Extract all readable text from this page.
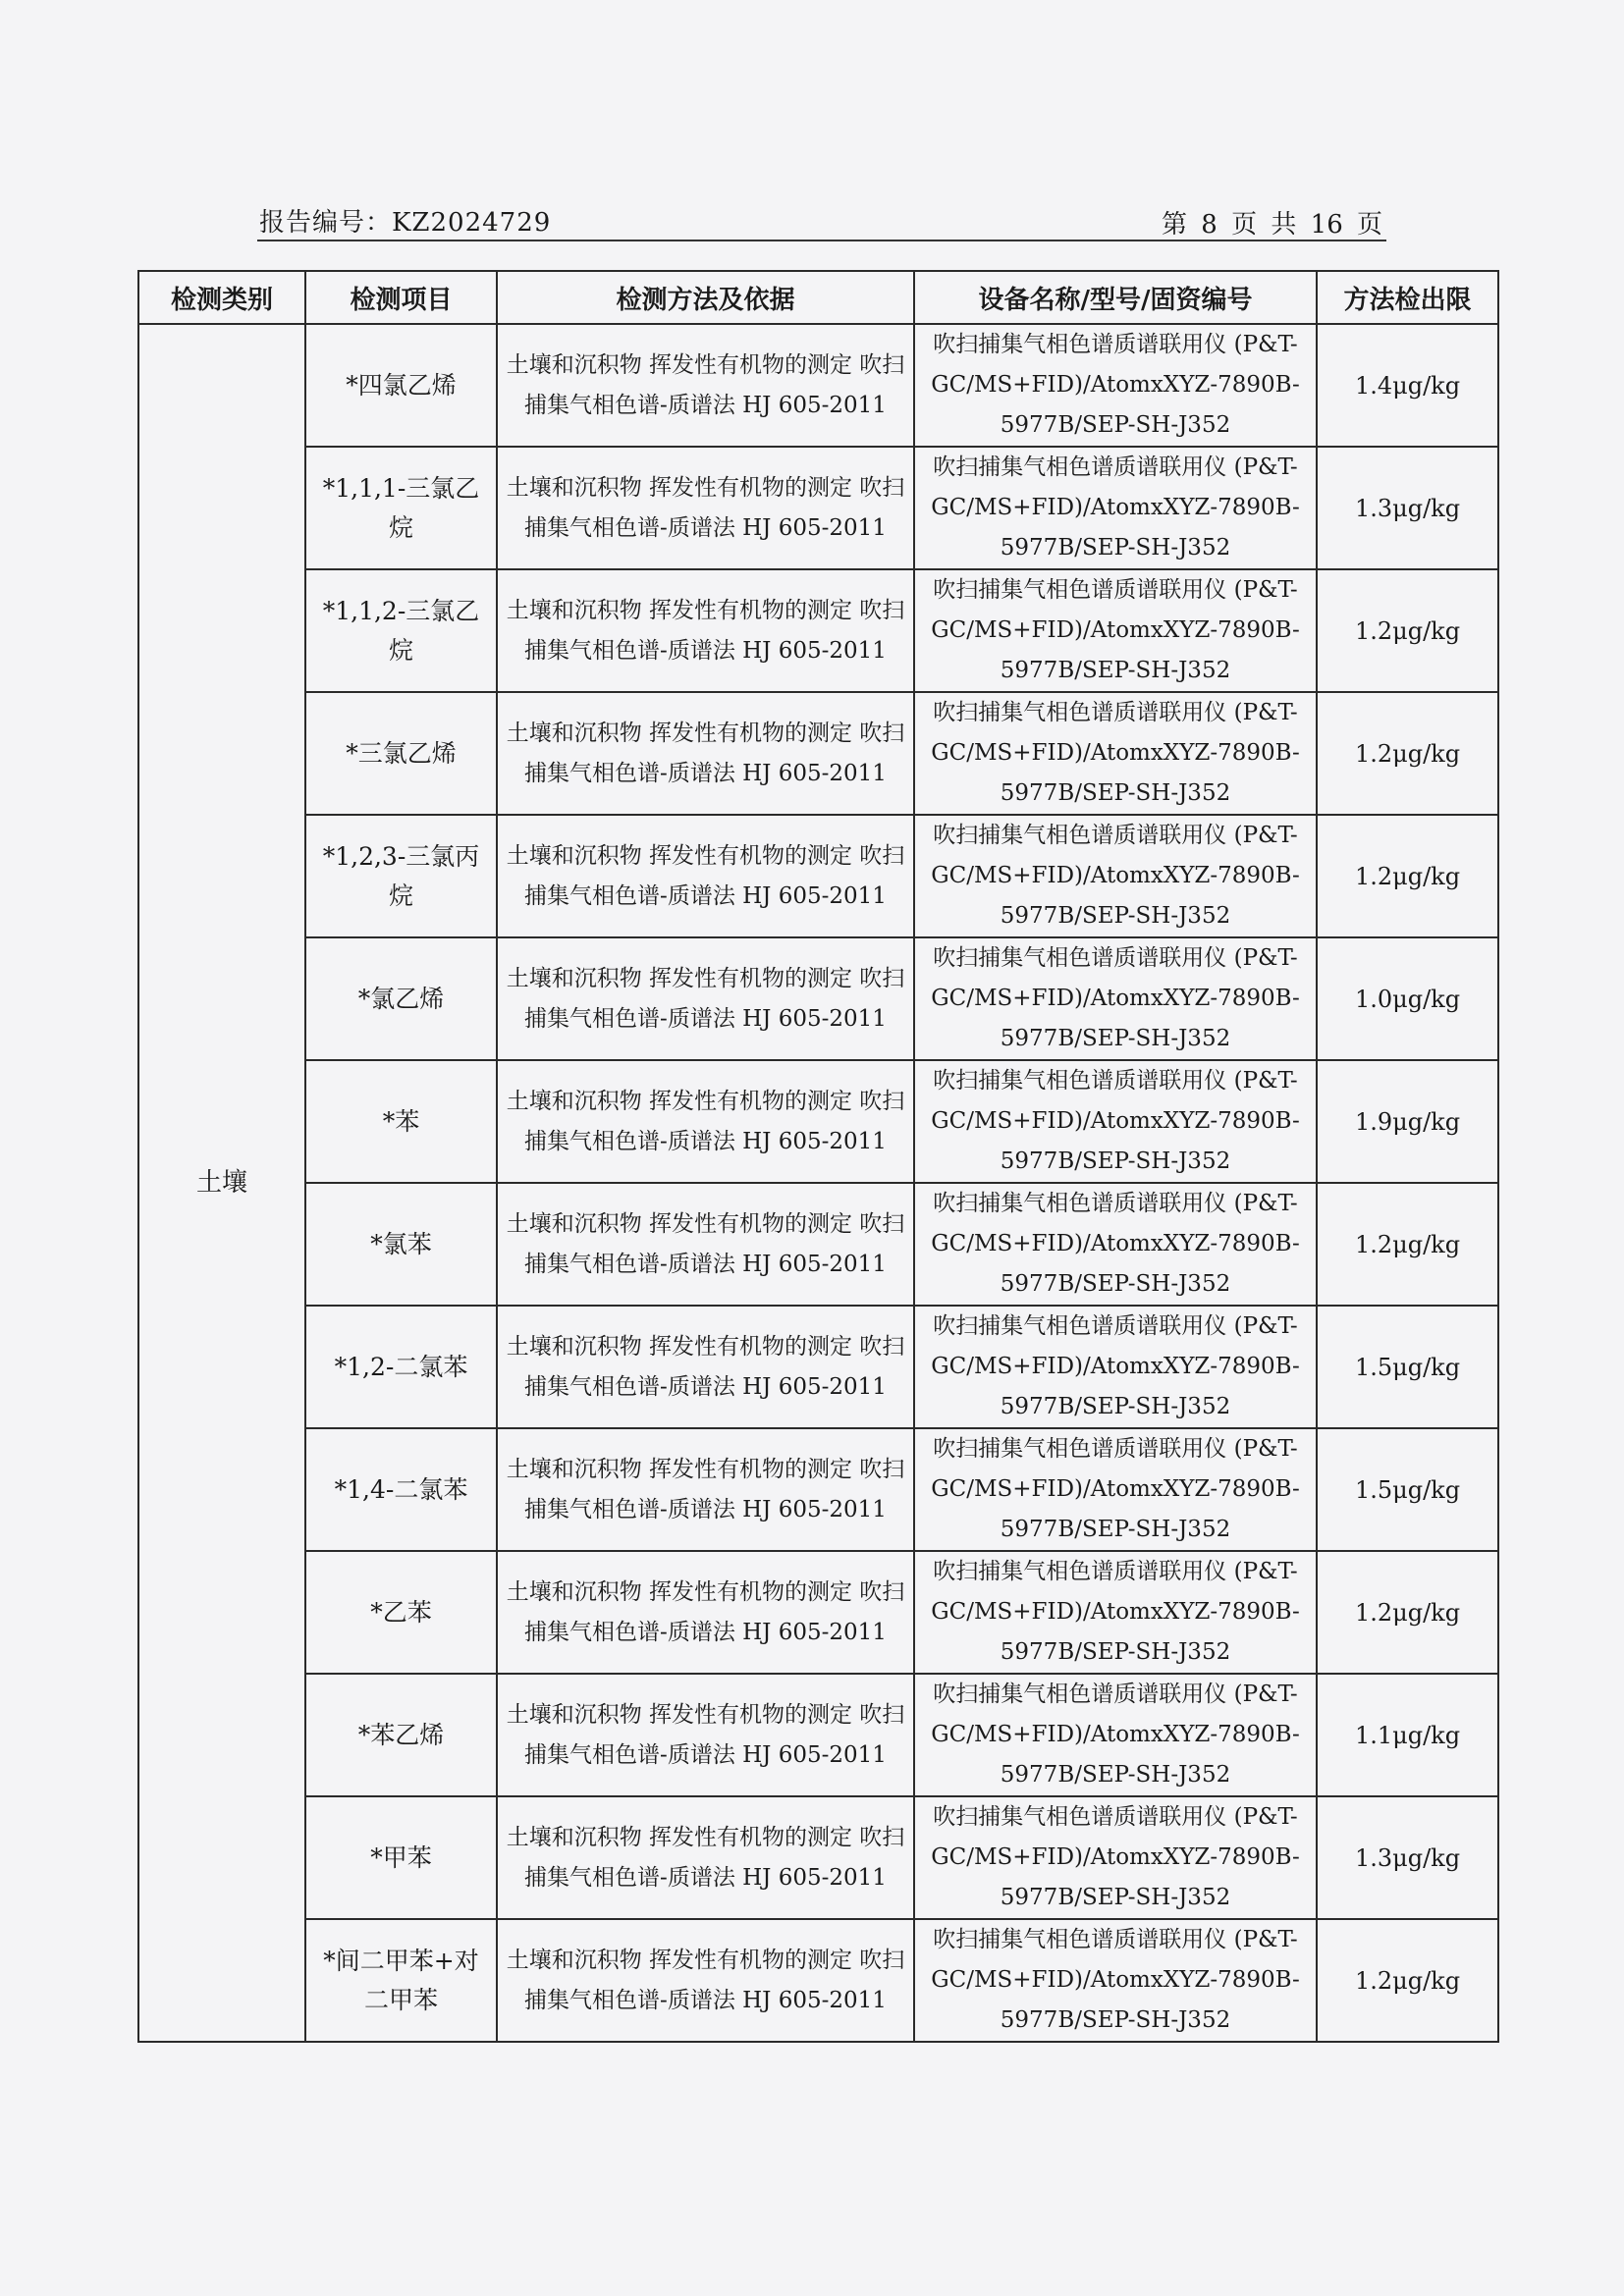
报告编号：KZ2024729	第 8 页 共 16 页
检测类别	检测项目	检测方法及依据	设备名称/型号/固资编号	方法检出限
土壤	*四氯乙烯	土壤和沉积物 挥发性有机物的测定 吹扫捕集气相色谱-质谱法 HJ 605-2011	吹扫捕集气相色谱质谱联用仪 (P&T-GC/MS+FID)/AtomxXYZ-7890B-5977B/SEP-SH-J352	1.4μg/kg
	*1,1,1-三氯乙烷	土壤和沉积物 挥发性有机物的测定 吹扫捕集气相色谱-质谱法 HJ 605-2011	吹扫捕集气相色谱质谱联用仪 (P&T-GC/MS+FID)/AtomxXYZ-7890B-5977B/SEP-SH-J352	1.3μg/kg
	*1,1,2-三氯乙烷	土壤和沉积物 挥发性有机物的测定 吹扫捕集气相色谱-质谱法 HJ 605-2011	吹扫捕集气相色谱质谱联用仪 (P&T-GC/MS+FID)/AtomxXYZ-7890B-5977B/SEP-SH-J352	1.2μg/kg
	*三氯乙烯	土壤和沉积物 挥发性有机物的测定 吹扫捕集气相色谱-质谱法 HJ 605-2011	吹扫捕集气相色谱质谱联用仪 (P&T-GC/MS+FID)/AtomxXYZ-7890B-5977B/SEP-SH-J352	1.2μg/kg
	*1,2,3-三氯丙烷	土壤和沉积物 挥发性有机物的测定 吹扫捕集气相色谱-质谱法 HJ 605-2011	吹扫捕集气相色谱质谱联用仪 (P&T-GC/MS+FID)/AtomxXYZ-7890B-5977B/SEP-SH-J352	1.2μg/kg
	*氯乙烯	土壤和沉积物 挥发性有机物的测定 吹扫捕集气相色谱-质谱法 HJ 605-2011	吹扫捕集气相色谱质谱联用仪 (P&T-GC/MS+FID)/AtomxXYZ-7890B-5977B/SEP-SH-J352	1.0μg/kg
	*苯	土壤和沉积物 挥发性有机物的测定 吹扫捕集气相色谱-质谱法 HJ 605-2011	吹扫捕集气相色谱质谱联用仪 (P&T-GC/MS+FID)/AtomxXYZ-7890B-5977B/SEP-SH-J352	1.9μg/kg
	*氯苯	土壤和沉积物 挥发性有机物的测定 吹扫捕集气相色谱-质谱法 HJ 605-2011	吹扫捕集气相色谱质谱联用仪 (P&T-GC/MS+FID)/AtomxXYZ-7890B-5977B/SEP-SH-J352	1.2μg/kg
	*1,2-二氯苯	土壤和沉积物 挥发性有机物的测定 吹扫捕集气相色谱-质谱法 HJ 605-2011	吹扫捕集气相色谱质谱联用仪 (P&T-GC/MS+FID)/AtomxXYZ-7890B-5977B/SEP-SH-J352	1.5μg/kg
	*1,4-二氯苯	土壤和沉积物 挥发性有机物的测定 吹扫捕集气相色谱-质谱法 HJ 605-2011	吹扫捕集气相色谱质谱联用仪 (P&T-GC/MS+FID)/AtomxXYZ-7890B-5977B/SEP-SH-J352	1.5μg/kg
	*乙苯	土壤和沉积物 挥发性有机物的测定 吹扫捕集气相色谱-质谱法 HJ 605-2011	吹扫捕集气相色谱质谱联用仪 (P&T-GC/MS+FID)/AtomxXYZ-7890B-5977B/SEP-SH-J352	1.2μg/kg
	*苯乙烯	土壤和沉积物 挥发性有机物的测定 吹扫捕集气相色谱-质谱法 HJ 605-2011	吹扫捕集气相色谱质谱联用仪 (P&T-GC/MS+FID)/AtomxXYZ-7890B-5977B/SEP-SH-J352	1.1μg/kg
	*甲苯	土壤和沉积物 挥发性有机物的测定 吹扫捕集气相色谱-质谱法 HJ 605-2011	吹扫捕集气相色谱质谱联用仪 (P&T-GC/MS+FID)/AtomxXYZ-7890B-5977B/SEP-SH-J352	1.3μg/kg
	*间二甲苯+对二甲苯	土壤和沉积物 挥发性有机物的测定 吹扫捕集气相色谱-质谱法 HJ 605-2011	吹扫捕集气相色谱质谱联用仪 (P&T-GC/MS+FID)/AtomxXYZ-7890B-5977B/SEP-SH-J352	1.2μg/kg
